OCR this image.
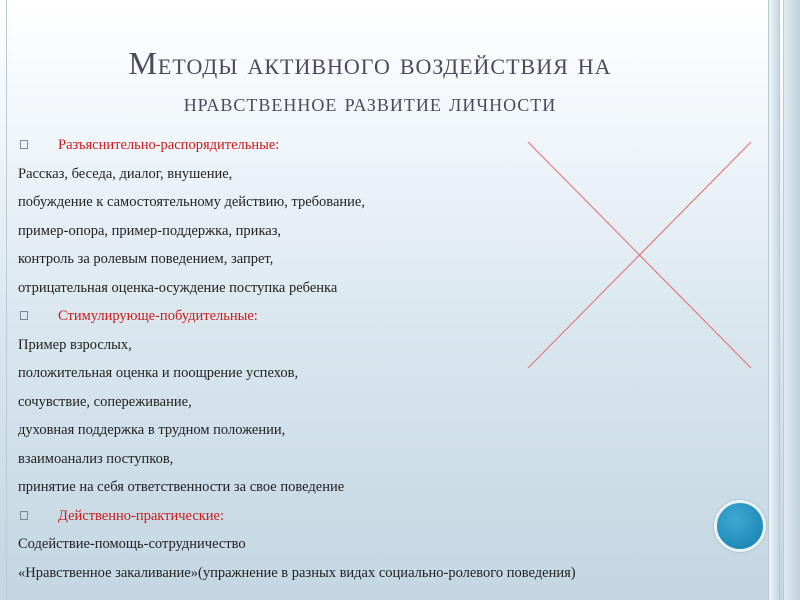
Методы активного воздействия на
нравственное развитие личности
Разъяснительно-распорядительные:
Рассказ, беседа, диалог, внушение,
побуждение к самостоятельному действию, требование,
пример-опора, пример-поддержка, приказ,
контроль за ролевым поведением, запрет,
отрицательная оценка-осуждение поступка ребенка
Стимулирующе-побудительные:
Пример взрослых,
положительная оценка и поощрение успехов,
сочувствие, сопереживание,
духовная поддержка в трудном положении,
взаимоанализ поступков,
принятие на себя ответственности за свое поведение
Действенно-практические:
Содействие-помощь-сотрудничество
«Нравственное закаливание»(упражнение в разных видах социально-ролевого поведения)
